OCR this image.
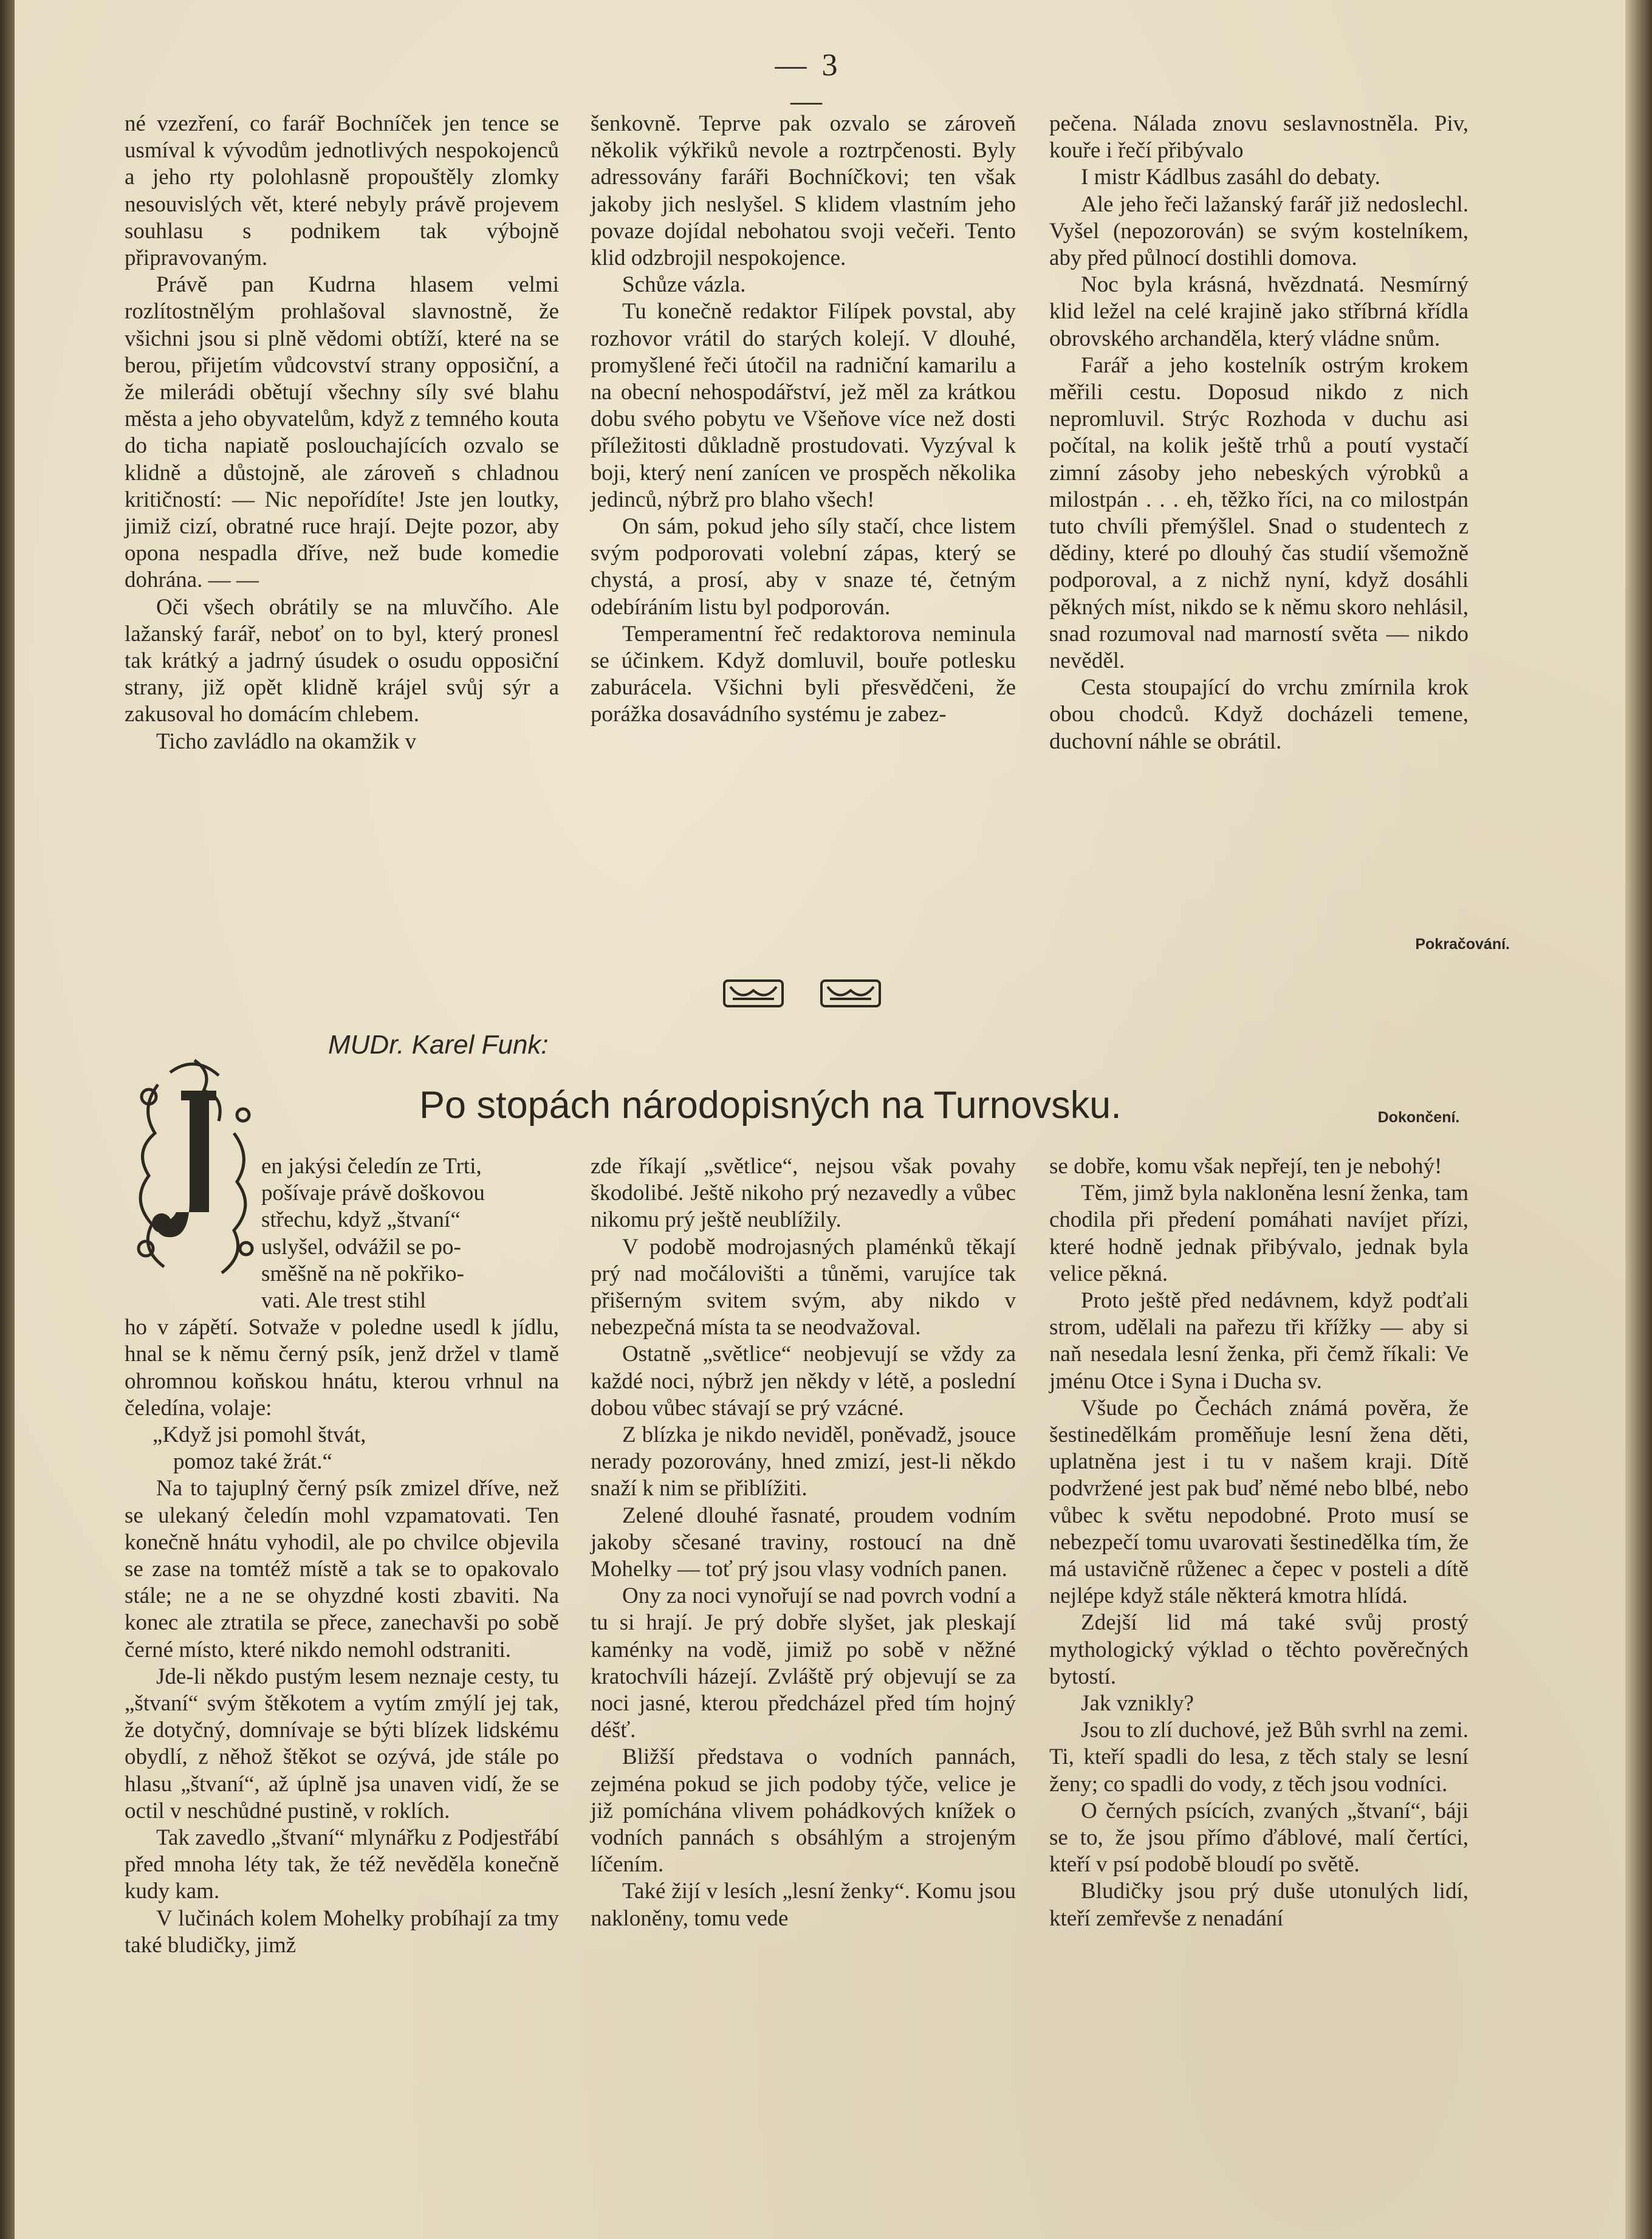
— 3 —

né vzezření, co farář Bochníček jen tence se usmíval k vývodům jednotlivých nespokojenců a jeho rty polohlasně propouštěly zlomky nesouvislých vět, které nebyly právě projevem souhlasu s podnikem tak výbojně připravovaným.

Právě pan Kudrna hlasem velmi rozlítostnělým prohlašoval slavnostně, že všichni jsou si plně vědomi obtíží, které na se berou, přijetím vůdcovství strany opposiční, a že milerádi obětují všechny síly své blahu města a jeho obyvatelům, když z temného kouta do ticha napiatě poslouchajících ozvalo se klidně a důstojně, ale zároveň s chladnou kritičností: — Nic nepořídíte! Jste jen loutky, jimiž cizí, obratné ruce hrají. Dejte pozor, aby opona nespadla dříve, než bude komedie dohrána. — —

Oči všech obrátily se na mluvčího. Ale lažanský farář, neboť on to byl, který pronesl tak krátký a jadrný úsudek o osudu opposiční strany, již opět klidně krájel svůj sýr a zakusoval ho domácím chlebem.

Ticho zavládlo na okamžik v

šenkovně. Teprve pak ozvalo se zároveň několik výkřiků nevole a roztrpčenosti. Byly adressovány faráři Bochníčkovi; ten však jakoby jich neslyšel. S klidem vlastním jeho povaze dojídal nebohatou svoji večeři. Tento klid odzbrojil nespokojence.

Schůze vázla.

Tu konečně redaktor Filípek povstal, aby rozhovor vrátil do starých kolejí. V dlouhé, promyšlené řeči útočil na radniční kamarilu a na obecní nehospodářství, jež měl za krátkou dobu svého pobytu ve Všeňove více než dosti příležitosti důkladně prostudovati. Vyzýval k boji, který není zanícen ve prospěch několika jedinců, nýbrž pro blaho všech!

On sám, pokud jeho síly stačí, chce listem svým podporovati volební zápas, který se chystá, a prosí, aby v snaze té, četným odebíráním listu byl podporován.

Temperamentní řeč redaktorova neminula se účinkem. Když domluvil, bouře potlesku zaburácela. Všichni byli přesvědčeni, že porážka dosavádního systému je zabez-

pečena. Nálada znovu seslavnostněla. Piv, kouře i řečí přibývalo

I mistr Kádlbus zasáhl do debaty.

Ale jeho řeči lažanský farář již nedoslechl. Vyšel (nepozorován) se svým kostelníkem, aby před půlnocí dostihli domova.

Noc byla krásná, hvězdnatá. Nesmírný klid ležel na celé krajině jako stříbrná křídla obrovského archanděla, který vládne snům.

Farář a jeho kostelník ostrým krokem měřili cestu. Doposud nikdo z nich nepromluvil. Strýc Rozhoda v duchu asi počítal, na kolik ještě trhů a poutí vystačí zimní zásoby jeho nebeských výrobků a milostpán . . . eh, těžko říci, na co milostpán tuto chvíli přemýšlel. Snad o studentech z dědiny, které po dlouhý čas studií všemožně podporoval, a z nichž nyní, když dosáhli pěkných míst, nikdo se k němu skoro nehlásil, snad rozumoval nad marností světa — nikdo nevěděl.

Cesta stoupající do vrchu zmírnila krok obou chodců. Když docházeli temene, duchovní náhle se obrátil.

Pokračování.
MUDr. Karel Funk:
Po stopách národopisných na Turnovsku.	Dokončení.
J

en jakýsi čeledín ze Trti,

pošívaje právě doškovou

střechu, když „štvaní“

uslyšel, odvážil se po-

směšně na ně pokřiko-

vati. Ale trest stihl

ho v zápětí. Sotvaže v poledne usedl k jídlu, hnal se k němu černý psík, jenž držel v tlamě ohromnou koňskou hnátu, kterou vrhnul na čeledína, volaje:

„Když jsi pomohl štvát,

pomoz také žrát.“

Na to tajuplný černý psík zmizel dříve, než se ulekaný čeledín mohl vzpamatovati. Ten konečně hnátu vyhodil, ale po chvilce objevila se zase na tomtéž místě a tak se to opakovalo stále; ne a ne se ohyzdné kosti zbaviti. Na konec ale ztratila se přece, zanechavši po sobě černé místo, které nikdo nemohl odstraniti.

Jde-li někdo pustým lesem neznaje cesty, tu „štvaní“ svým štěkotem a vytím zmýlí jej tak, že dotyčný, domnívaje se býti blízek lidskému obydlí, z něhož štěkot se ozývá, jde stále po hlasu „štvaní“, až úplně jsa unaven vidí, že se octil v neschůdné pustině, v roklích.

Tak zavedlo „štvaní“ mlynářku z Podjestřábí před mnoha léty tak, že též nevěděla konečně kudy kam.

V lučinách kolem Mohelky probíhají za tmy také bludičky, jimž

zde říkají „světlice“, nejsou však povahy škodolibé. Ještě nikoho prý nezavedly a vůbec nikomu prý ještě neublížily.

V podobě modrojasných plaménků těkají prý nad močálovišti a tůněmi, varujíce tak přišerným svitem svým, aby nikdo v nebezpečná místa ta se neodvažoval.

Ostatně „světlice“ neobjevují se vždy za každé noci, nýbrž jen někdy v létě, a poslední dobou vůbec stávají se prý vzácné.

Z blízka je nikdo neviděl, poněvadž, jsouce nerady pozorovány, hned zmizí, jest-li někdo snaží k nim se přiblížiti.

Zelené dlouhé řasnaté, proudem vodním jakoby sčesané traviny, rostoucí na dně Mohelky — toť prý jsou vlasy vodních panen.

Ony za noci vynořují se nad povrch vodní a tu si hrají. Je prý dobře slyšet, jak pleskají kaménky na vodě, jimiž po sobě v něžné kratochvíli házejí. Zvláště prý objevují se za noci jasné, kterou předcházel před tím hojný déšť.

Bližší představa o vodních pannách, zejména pokud se jich podoby týče, velice je již pomíchána vlivem pohádkových knížek o vodních pannách s obsáhlým a strojeným líčením.

Také žijí v lesích „lesní ženky“. Komu jsou nakloněny, tomu vede

se dobře, komu však nepřejí, ten je nebohý!

Těm, jimž byla nakloněna lesní ženka, tam chodila při předení pomáhati navíjet přízi, které hodně jednak přibývalo, jednak byla velice pěkná.

Proto ještě před nedávnem, když podťali strom, udělali na pařezu tři křížky — aby si naň nesedala lesní ženka, při čemž říkali: Ve jménu Otce i Syna i Ducha sv.

Všude po Čechách známá pověra, že šestinedělkám proměňuje lesní žena děti, uplatněna jest i tu v našem kraji. Dítě podvržené jest pak buď němé nebo blbé, nebo vůbec k světu nepodobné. Proto musí se nebezpečí tomu uvarovati šestinedělka tím, že má ustavičně růženec a čepec v posteli a dítě nejlépe když stále některá kmotra hlídá.

Zdejší lid má také svůj prostý mythologický výklad o těchto pověrečných bytostí.

Jak vznikly?

Jsou to zlí duchové, jež Bůh svrhl na zemi. Ti, kteří spadli do lesa, z těch staly se lesní ženy; co spadli do vody, z těch jsou vodníci.

O černých psících, zvaných „štvaní“, báji se to, že jsou přímo ďáblové, malí čertíci, kteří v psí podobě bloudí po světě.

Bludičky jsou prý duše utonulých lidí, kteří zemřevše z nenadání
